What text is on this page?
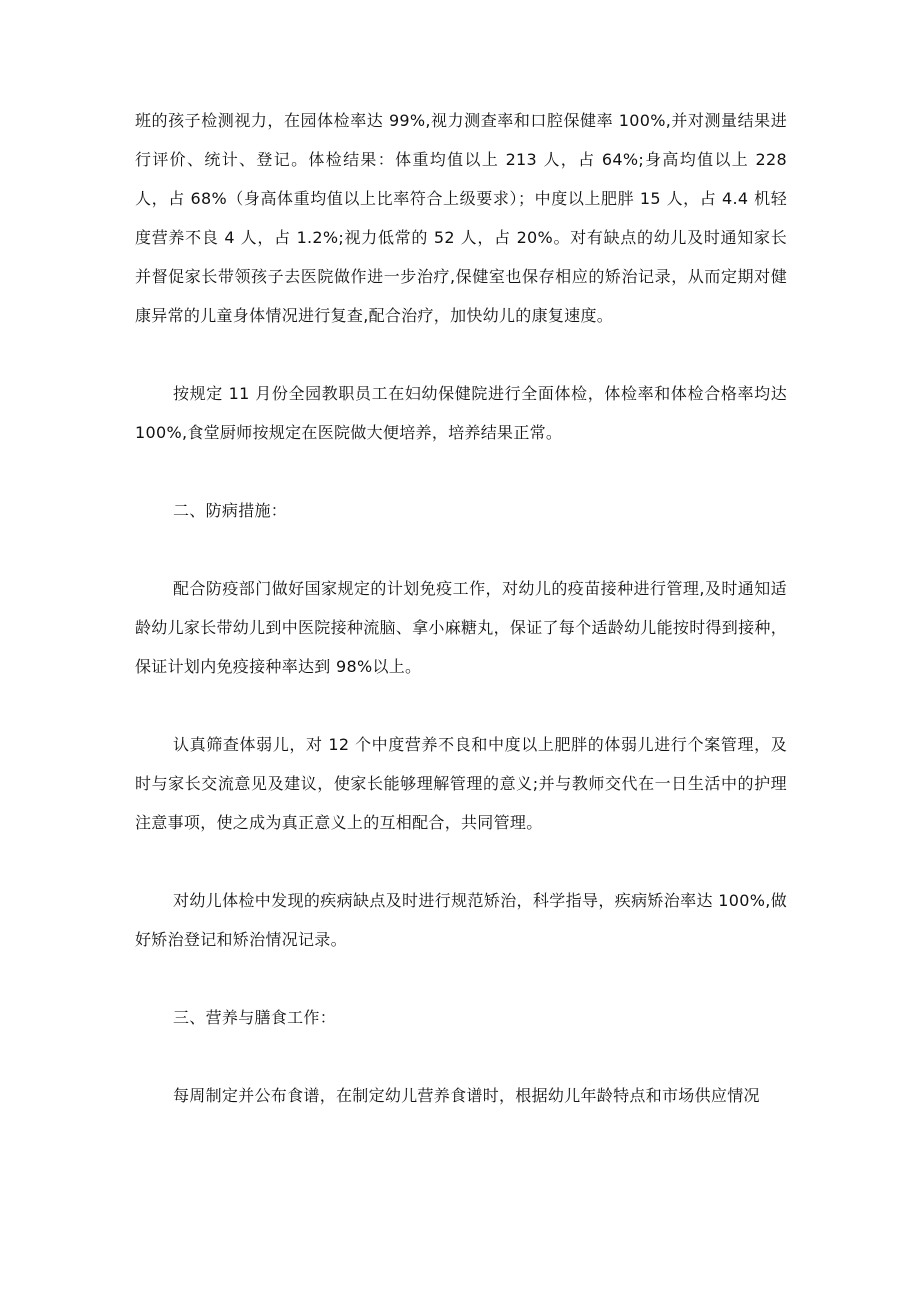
班的孩子检测视力，在园体检率达 99%,视力测查率和口腔保健率 100%,并对测量结果进行评价、统计、登记。体检结果：体重均值以上 213 人，占 64%;身高均值以上 228 人，占 68%（身高体重均值以上比率符合上级要求）；中度以上肥胖 15 人，占 4.4 机轻度营养不良 4 人，占 1.2%;视力低常的 52 人，占 20%。对有缺点的幼儿及时通知家长并督促家长带领孩子去医院做作进一步治疗,保健室也保存相应的矫治记录，从而定期对健康异常的儿童身体情况进行复查,配合治疗，加快幼儿的康复速度。

按规定 11 月份全园教职员工在妇幼保健院进行全面体检，体检率和体检合格率均达 100%,食堂厨师按规定在医院做大便培养，培养结果正常。

二、防病措施：

配合防疫部门做好国家规定的计划免疫工作，对幼儿的疫苗接种进行管理,及时通知适龄幼儿家长带幼儿到中医院接种流脑、拿小麻糖丸，保证了每个适龄幼儿能按时得到接种，保证计划内免疫接种率达到 98%以上。

认真筛查体弱儿，对 12 个中度营养不良和中度以上肥胖的体弱儿进行个案管理，及时与家长交流意见及建议，使家长能够理解管理的意义;并与教师交代在一日生活中的护理注意事项，使之成为真正意义上的互相配合，共同管理。

对幼儿体检中发现的疾病缺点及时进行规范矫治，科学指导，疾病矫治率达 100%,做好矫治登记和矫治情况记录。

三、营养与膳食工作：

每周制定并公布食谱，在制定幼儿营养食谱时，根据幼儿年龄特点和市场供应情况
